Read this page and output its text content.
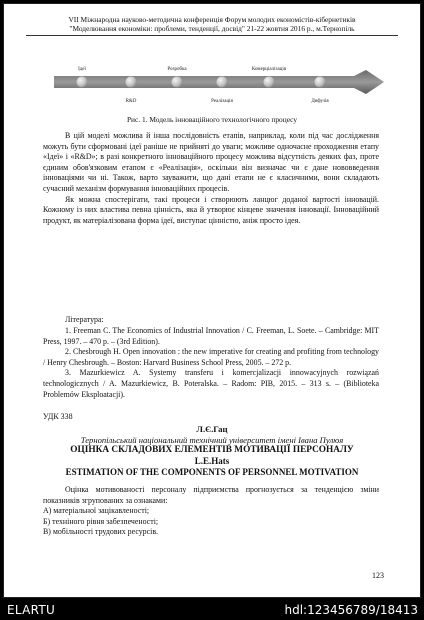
VII Міжнародна науково-методична конференція Форум молодих економістів-кібернетиків
"Моделювання економіки: проблеми, тенденції, досвід" 21-22 жовтня 2016 р., м.Тернопіль
Ідеї	Розробка	Комерціалізація
R&D	Реалізація	Дифузія
Рис. 1. Модель інноваційного технологічного процесу

В цій моделі можлива й інша послідовність етапів, наприклад, коли під час дослідження можуть бути сформовані ідеї раніше не прийняті до уваги; можливе одночасне проходження етапу «Ідеї» і «R&D»; в разі конкретного інноваційного процесу можлива відсутність деяких фаз, проте єдиним обов'язковим етапом є «Реалізація», оскільки він визначає чи є дане нововведення інноваціями чи ні. Також, варто зауважити, що дані етапи не є класичними, вони складають сучасний механізм формування інноваційних процесів.

Як можна спостерігати, такі процеси і створюють ланцюг доданої вартості інновацій. Кожному із них властива певна цінність, яка й утворює кінцеве значення інновації. Інноваційний продукт, як матеріалізована форма ідеї, виступає цінністю, аніж просто ідея.

Література:

1. Freeman C. The Economics of Industrial Innovation / C. Freeman, L. Soete. – Cambridge: MIT Press, 1997. – 470 p. – (3rd Edition).

2. Chesbrough H. Open innovation : the new imperative for creating and profiting from technology / Henry Chesbrough. – Boston: Harvard Business School Press, 2005. – 272 p.

3. Mazurkiewicz A. Systemy transferu i komercjalizacji innowacyjnych rozwiązań technologicznych / A. Mazurkiewicz, B. Poteralska. – Radom: PIB, 2015. – 313 s. – (Biblioteka Problemów Eksploatacji).

УДК 338
Л.Є.Гац
Тернопільський національний технічний університет імені Івана Пулюя
ОЦІНКА СКЛАДОВИХ ЕЛЕМЕНТІВ МОТИВАЦІЇ ПЕРСОНАЛУ
L.E.Hats
ESTIMATION OF THE COMPONENTS OF PERSONNEL MOTIVATION

Оцінка мотивованості персоналу підприємства прогнозується за тенденцією зміни показників згрупованих за ознаками:

А) матеріальної зацікавленості;
Б) техніного рівня забезпеченості;
В) мобільності трудових ресурсів.
123
ELARTU	hdl:123456789/18413
